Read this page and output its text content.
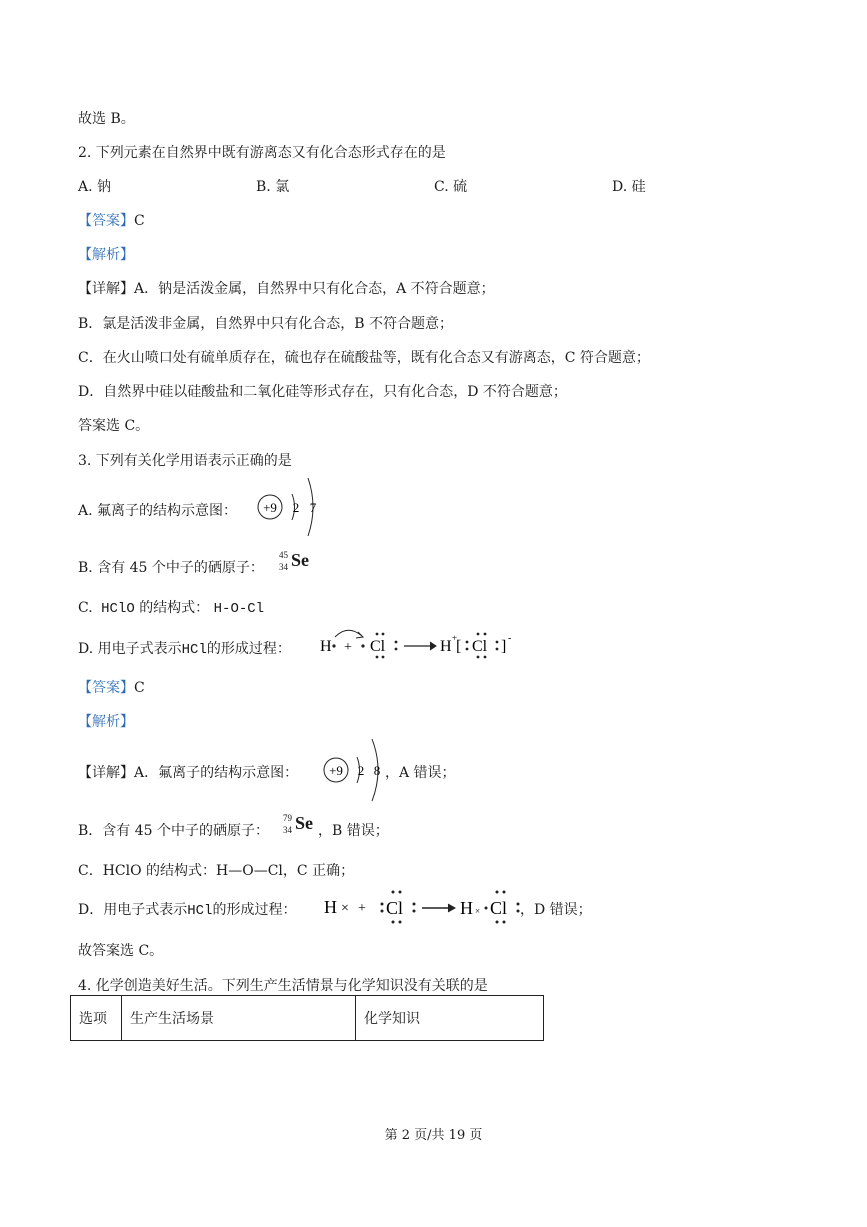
故选 B。
2. 下列元素在自然界中既有游离态又有化合态形式存在的是
A. 钠	B. 氯	C. 硫	D. 硅
【答案】C
【解析】
【详解】A．钠是活泼金属，自然界中只有化合态，A 不符合题意；
B．氯是活泼非金属，自然界中只有化合态，B 不符合题意；
C．在火山喷口处有硫单质存在，硫也存在硫酸盐等，既有化合态又有游离态，C 符合题意；
D．自然界中硅以硅酸盐和二氧化硅等形式存在，只有化合态，D 不符合题意；
答案选 C。
3. 下列有关化学用语表示正确的是
A. 氟离子的结构示意图： +9 2 7
B. 含有 45 个中子的硒原子：
45
34 Se
C. HClO 的结构式： H-O-Cl
D. 用电子式表示HCl的形成过程： H + Cl	H +
[ Cl ] -
【答案】C
【解析】
【详解】A．氟离子的结构示意图： +9 2 8 ，A 错误；
B．含有 45 个中子的硒原子：
79
34 Se ，B 错误；
C．HClO 的结构式：H—O—Cl，C 正确；
D．用电子式表示HCl的形成过程： H × + Cl	H × Cl ，D 错误；
故答案选 C。
4. 化学创造美好生活。下列生产生活情景与化学知识没有关联的是
选项	生产生活场景	化学知识
第 2 页/共 19 页
